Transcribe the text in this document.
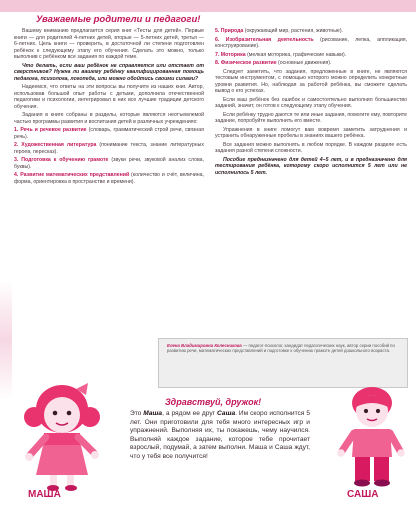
Уважаемые родители и педагоги!

Вашему вниманию предлагается серия книг «Тесты для детей». Первые книги — для родителей 4-летних детей, вторые — 5-летних детей, третья — 6-летних. Цель книги — проверить, в достаточной ли степени подготовлен ребёнок к следующему этапу его обучения. Сделать это можно, только выполнив с ребёнком все задания по каждой теме.

Что делать, если ваш ребёнок не справляется или отстает от сверстников? Нужна ли вашему ребёнку квалифицированная помощь педагога, психолога, логопеда, или можно обойтись своими силами?

Надеемся, что ответы на эти вопросы вы получите из наших книг. Автор, использовав большой опыт работы с детьми, дополнила отечественной педагогики и психологии, интегрировал в них все лучшие традиции детского обучения.

Задания в книге собраны в разделы, которые являются неотъемлемой частью программы развития и воспитания детей в различных учреждениях:

1. Речь и речевое развитие (словарь, грамматический строй речи, связная речь).
2. Художественная литература (понимание текста, знание литературных героев, пересказ).
3. Подготовка к обучению грамоте (звуки речи, звуковой анализ слова, буквы).
4. Развитие математических представлений (количество и счёт, величина, форма, ориентировка в пространстве и времени).
5. Природа (окружающий мир, растения, животные).
6. Изобразительная деятельность (рисование, лепка, аппликация, конструирование).
7. Моторика (мелкая моторика, графические навыки).
8. Физическое развитие (основные движения).

Следует заметить, что задания, предложенные в книге, не являются тестовым инструментом, с помощью которого можно определить конкретные уровни развития. Но, наблюдая за работой ребёнка, вы сможете сделать вывод о его успехах.

Если ваш ребёнок без ошибок и самостоятельно выполнил большинство заданий, значит, он готов к следующему этапу обучения.

Если ребёнку трудно даются те или иные задания, помогите ему, повторите задание, попробуйте выполнить его вместе.

Упражнения в книге помогут вам вовремя заметить затруднения и устранить обнаруженные пробелы в знаниях вашего ребёнка.

Все задания можно выполнять в любом порядке. В каждом разделе есть задания разной степени сложности.

Пособие предназначено для детей 4–5 лет, и в предназначено для тестирования ребёнка, которому скоро исполнится 5 лет или не исполнилось 5 лет.

Елена Владимировна Колесникова — педагог-психолог, кандидат педагогических наук, автор серии пособий по развитию речи, математических представлений и подготовке к обучению грамоте детей дошкольного возраста.
Здравствуй, дружок!
Это Маша, а рядом ее друг Саша. Им скоро исполнится 5 лет. Они приготовили для тебя много интересных игр и упражнений. Выполняя их, ты покажешь, чему научился. Выполняй каждое задание, которое тебе прочитает взрослый, подумай, а затем выполни. Маша и Саша ждут, что у тебя все получится!
МАША	САША
